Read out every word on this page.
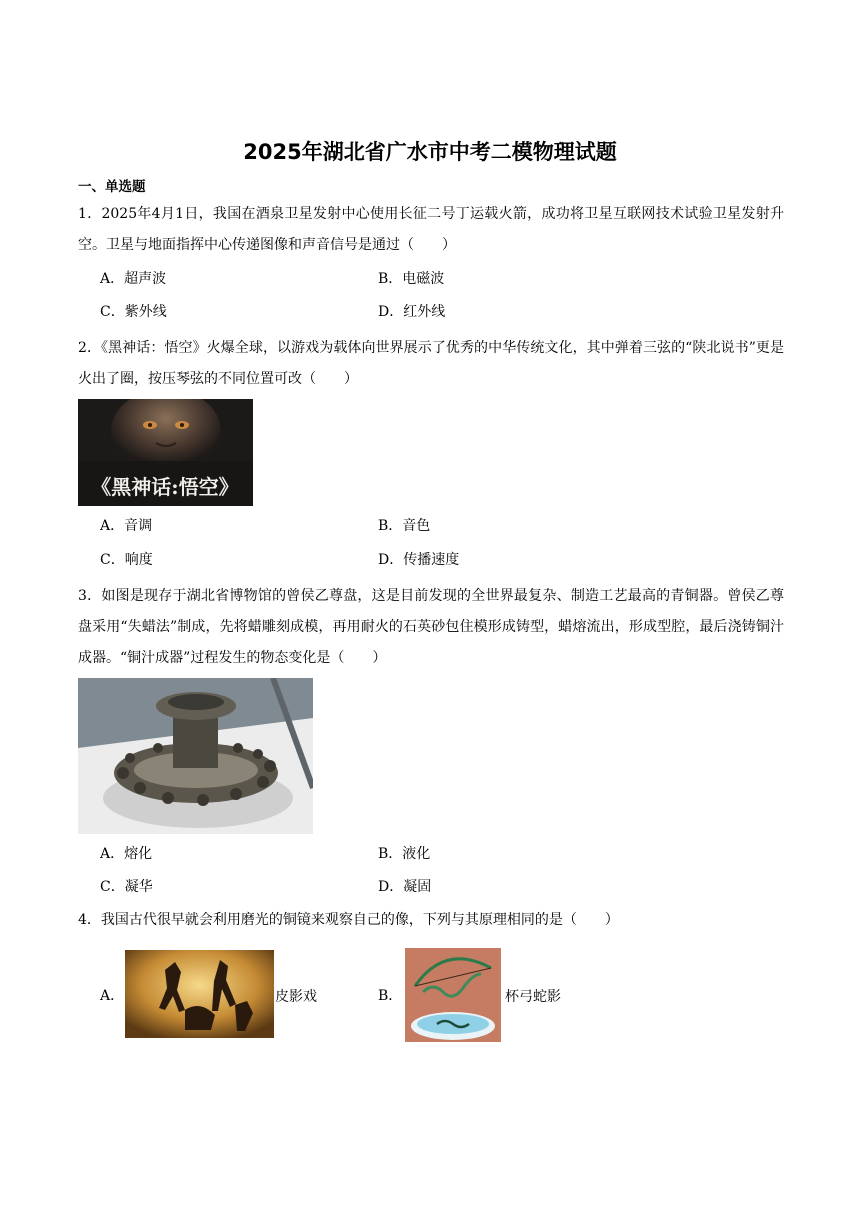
2025年湖北省广水市中考二模物理试题
一、单选题
1．2025年4月1日，我国在酒泉卫星发射中心使用长征二号丁运载火箭，成功将卫星互联网技术试验卫星发射升空。卫星与地面指挥中心传递图像和声音信号是通过（　　）
A．超声波	B．电磁波
C．紫外线	D．红外线
2．《黑神话：悟空》火爆全球，以游戏为载体向世界展示了优秀的中华传统文化，其中弹着三弦的“陕北说书”更是火出了圈，按压琴弦的不同位置可改（　　）
《黑神话:悟空》
A．音调	B．音色
C．响度	D．传播速度
3．如图是现存于湖北省博物馆的曾侯乙尊盘，这是目前发现的全世界最复杂、制造工艺最高的青铜器。曾侯乙尊盘采用“失蜡法”制成，先将蜡雕刻成模，再用耐火的石英砂包住模形成铸型，蜡熔流出，形成型腔，最后浇铸铜汁成器。“铜汁成器”过程发生的物态变化是（　　）
A．熔化	B．液化
C．凝华	D．凝固
4．我国古代很早就会利用磨光的铜镜来观察自己的像，下列与其原理相同的是（　　）
A．	皮影戏	B．	杯弓蛇影
